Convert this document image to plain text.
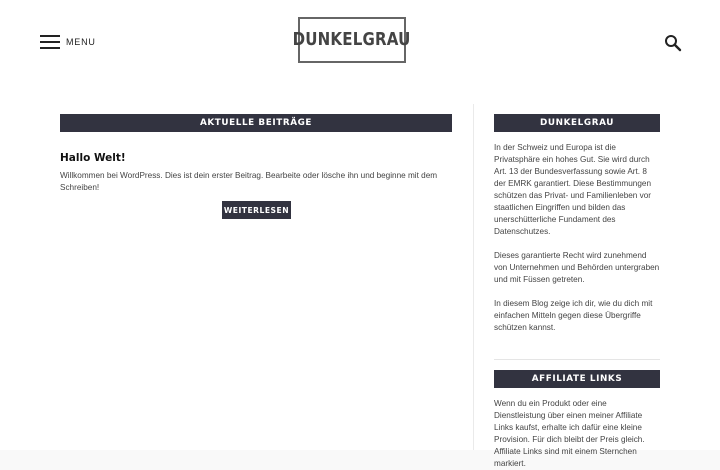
MENU	DUNKELGRAU
AKTUELLE BEITRÄGE
Hallo Welt!

Willkommen bei WordPress. Dies ist dein erster Beitrag. Bearbeite oder lösche ihn und beginne mit dem Schreiben!

WEITERLESEN
DUNKELGRAU

In der Schweiz und Europa ist die Privatsphäre ein hohes Gut. Sie wird durch Art. 13 der Bundesverfassung sowie Art. 8 der EMRK garantiert. Diese Bestimmungen schützen das Privat- und Familienleben vor staatlichen Eingriffen und bilden das unerschütterliche Fundament des Datenschutzes.

Dieses garantierte Recht wird zunehmend von Unternehmen und Behörden untergraben und mit Füssen getreten.

In diesem Blog zeige ich dir, wie du dich mit einfachen Mitteln gegen diese Übergriffe schützen kannst.

AFFILIATE LINKS

Wenn du ein Produkt oder eine Dienstleistung über einen meiner Affiliate Links kaufst, erhalte ich dafür eine kleine Provision. Für dich bleibt der Preis gleich. Affiliate Links sind mit einem Sternchen markiert.
